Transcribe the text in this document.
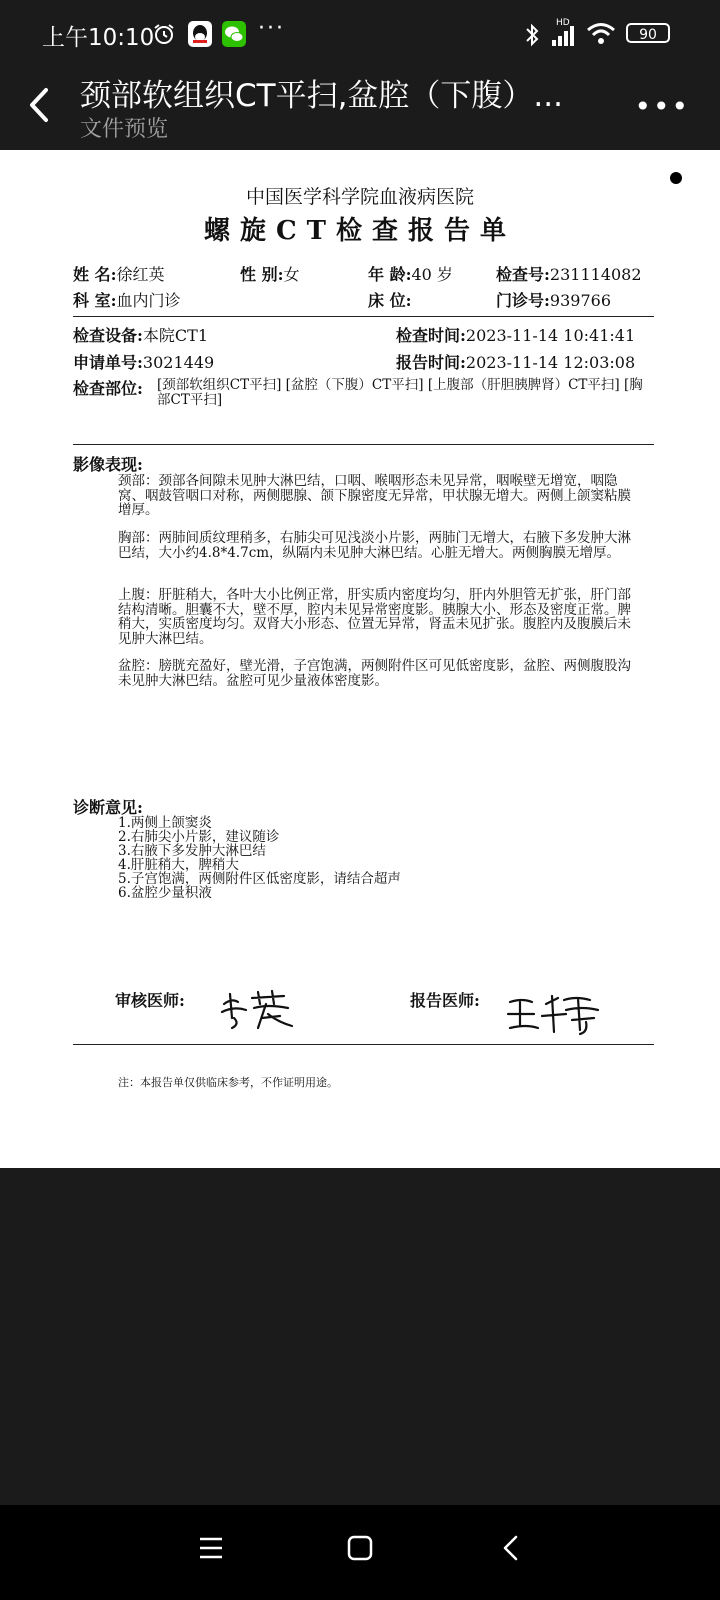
上午10:10	···	HD
90
颈部软组织CT平扫,盆腔（下腹）...
文件预览
•••
中国医学科学院血液病医院
螺旋CT检查报告单
姓 名:徐红英	性 别:女	年 龄:40 岁	检查号:231114082
科 室:血内门诊	床 位:	门诊号:939766
检查设备:本院CT1	检查时间:2023-11-14 10:41:41
申请单号:3021449	报告时间:2023-11-14 12:03:08
检查部位: [颈部软组织CT平扫] [盆腔（下腹）CT平扫] [上腹部（肝胆胰脾肾）CT平扫] [胸部CT平扫]
影像表现:
颈部：颈部各间隙未见肿大淋巴结，口咽、喉咽形态未见异常，咽喉壁无增宽，咽隐窝、咽鼓管咽口对称，两侧腮腺、颌下腺密度无异常，甲状腺无增大。两侧上颌窦粘膜增厚。
胸部：两肺间质纹理稍多，右肺尖可见浅淡小片影，两肺门无增大，右腋下多发肿大淋巴结，大小约4.8*4.7cm，纵隔内未见肿大淋巴结。心脏无增大。两侧胸膜无增厚。
上腹：肝脏稍大，各叶大小比例正常，肝实质内密度均匀，肝内外胆管无扩张，肝门部结构清晰。胆囊不大，壁不厚，腔内未见异常密度影。胰腺大小、形态及密度正常。脾稍大，实质密度均匀。双肾大小形态、位置无异常，肾盂未见扩张。腹腔内及腹膜后未见肿大淋巴结。
盆腔：膀胱充盈好，壁光滑，子宫饱满，两侧附件区可见低密度影，盆腔、两侧腹股沟未见肿大淋巴结。盆腔可见少量液体密度影。
诊断意见:
1.两侧上颌窦炎
2.右肺尖小片影，建议随诊
3.右腋下多发肿大淋巴结
4.肝脏稍大，脾稍大
5.子宫饱满，两侧附件区低密度影，请结合超声
6.盆腔少量积液
审核医师:	报告医师:
注：本报告单仅供临床参考，不作证明用途。
